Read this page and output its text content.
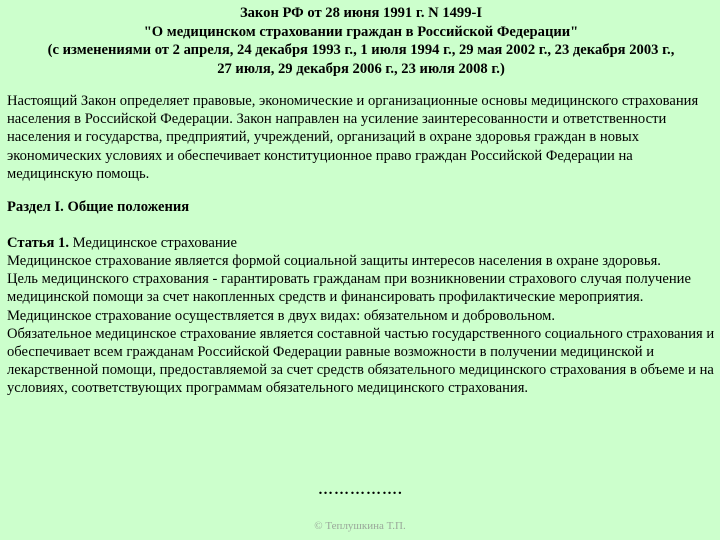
Закон РФ от 28 июня 1991 г. N 1499-I
"О медицинском страховании граждан в Российской Федерации"
(с изменениями от 2 апреля, 24 декабря 1993 г., 1 июля 1994 г., 29 мая 2002 г., 23 декабря 2003 г.,
27 июля, 29 декабря 2006 г., 23 июля 2008 г.)
Настоящий Закон определяет правовые, экономические и организационные основы медицинского страхования населения в Российской Федерации. Закон направлен на усиление заинтересованности и ответственности населения и государства, предприятий, учреждений, организаций в охране здоровья граждан в новых экономических условиях и обеспечивает конституционное право граждан Российской Федерации на медицинскую помощь.
Раздел I. Общие положения
Статья 1. Медицинское страхование
Медицинское страхование является формой социальной защиты интересов населения в охране здоровья.
Цель медицинского страхования - гарантировать гражданам при возникновении страхового случая получение медицинской помощи за счет накопленных средств и финансировать профилактические мероприятия.
Медицинское страхование осуществляется в двух видах: обязательном и добровольном.
Обязательное медицинское страхование является составной частью государственного социального страхования и обеспечивает всем гражданам Российской Федерации равные возможности в получении медицинской и лекарственной помощи, предоставляемой за счет средств обязательного медицинского страхования в объеме и на условиях, соответствующих программам обязательного медицинского страхования.
…………….
© Теплушкина Т.П.
